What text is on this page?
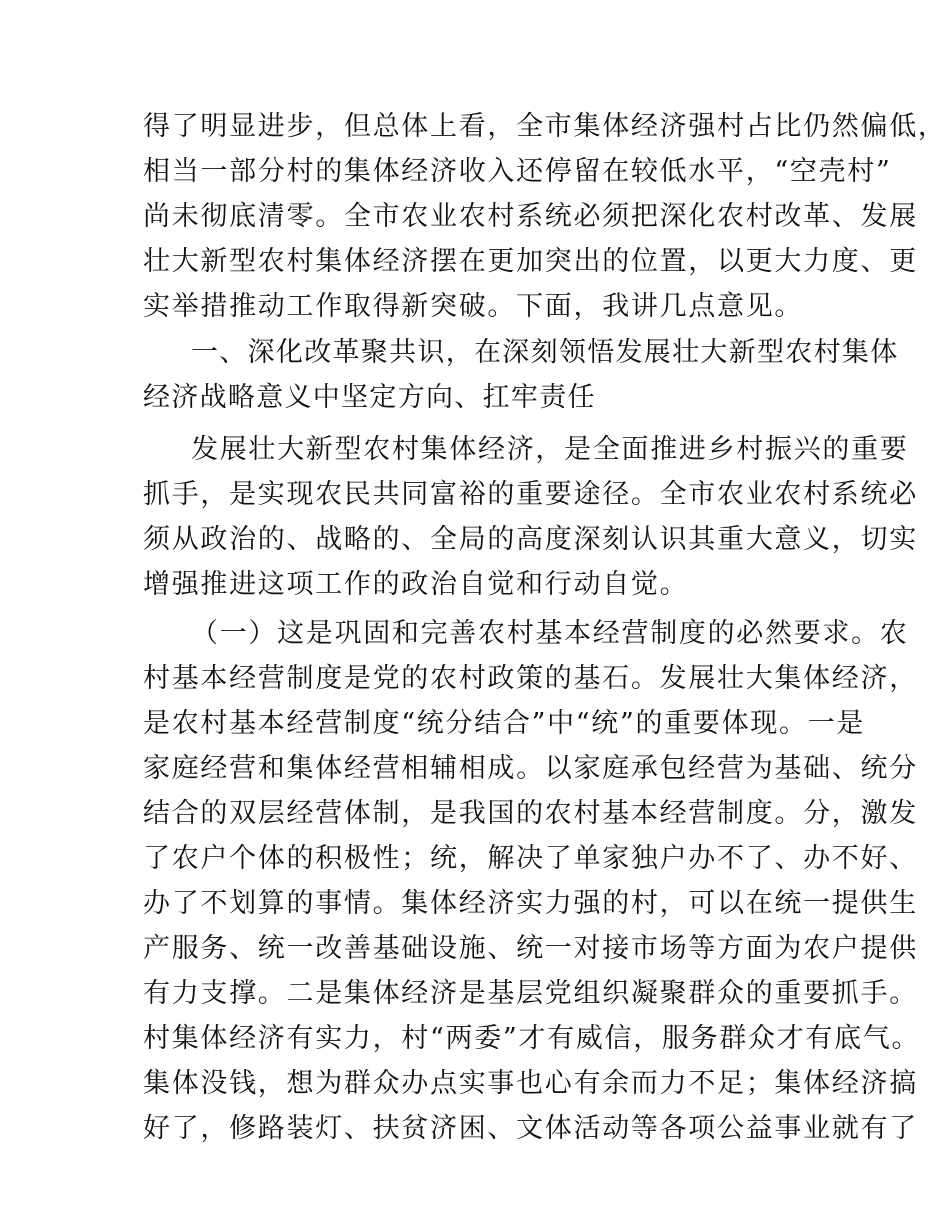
得了明显进步，但总体上看，全市集体经济强村占比仍然偏低，
相当一部分村的集体经济收入还停留在较低水平，“空壳村”
尚未彻底清零。全市农业农村系统必须把深化农村改革、发展
壮大新型农村集体经济摆在更加突出的位置，以更大力度、更
实举措推动工作取得新突破。下面，我讲几点意见。
一、深化改革聚共识，在深刻领悟发展壮大新型农村集体
经济战略意义中坚定方向、扛牢责任
发展壮大新型农村集体经济，是全面推进乡村振兴的重要
抓手，是实现农民共同富裕的重要途径。全市农业农村系统必
须从政治的、战略的、全局的高度深刻认识其重大意义，切实
增强推进这项工作的政治自觉和行动自觉。
（一）这是巩固和完善农村基本经营制度的必然要求。农
村基本经营制度是党的农村政策的基石。发展壮大集体经济，
是农村基本经营制度“统分结合”中“统”的重要体现。一是
家庭经营和集体经营相辅相成。以家庭承包经营为基础、统分
结合的双层经营体制，是我国的农村基本经营制度。分，激发
了农户个体的积极性；统，解决了单家独户办不了、办不好、
办了不划算的事情。集体经济实力强的村，可以在统一提供生
产服务、统一改善基础设施、统一对接市场等方面为农户提供
有力支撑。二是集体经济是基层党组织凝聚群众的重要抓手。
村集体经济有实力，村“两委”才有威信，服务群众才有底气。
集体没钱，想为群众办点实事也心有余而力不足；集体经济搞
好了，修路装灯、扶贫济困、文体活动等各项公益事业就有了
